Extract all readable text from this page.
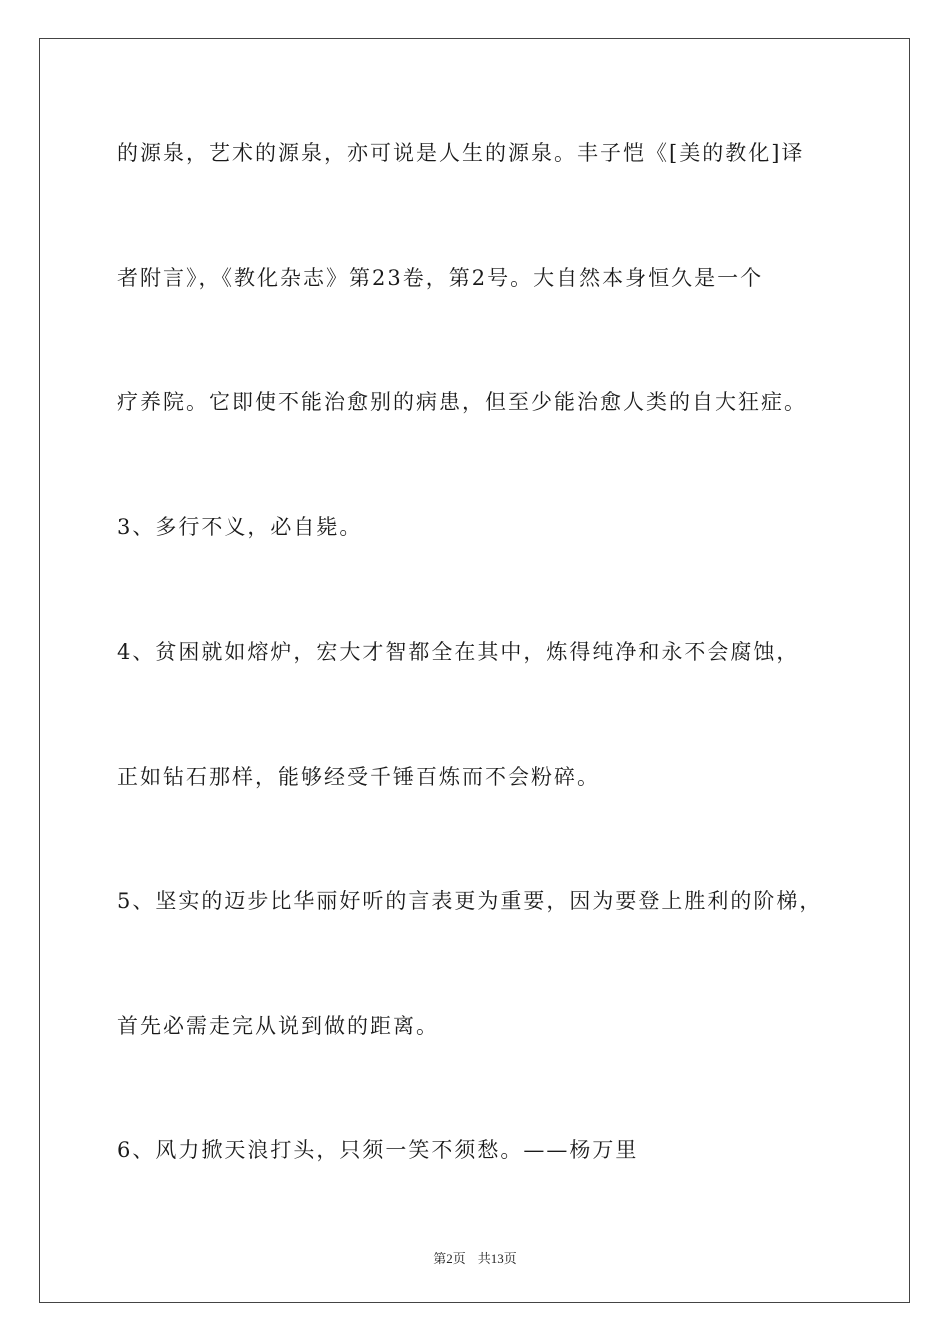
的源泉，艺术的源泉，亦可说是人生的源泉。丰子恺《[美的教化]译
者附言》，《教化杂志》第23卷，第2号。大自然本身恒久是一个
疗养院。它即使不能治愈别的病患，但至少能治愈人类的自大狂症。
3、多行不义，必自毙。
4、贫困就如熔炉，宏大才智都全在其中，炼得纯净和永不会腐蚀，
正如钻石那样，能够经受千锤百炼而不会粉碎。
5、坚实的迈步比华丽好听的言表更为重要，因为要登上胜利的阶梯，
首先必需走完从说到做的距离。
6、风力掀天浪打头，只须一笑不须愁。——杨万里
第2页 共13页
